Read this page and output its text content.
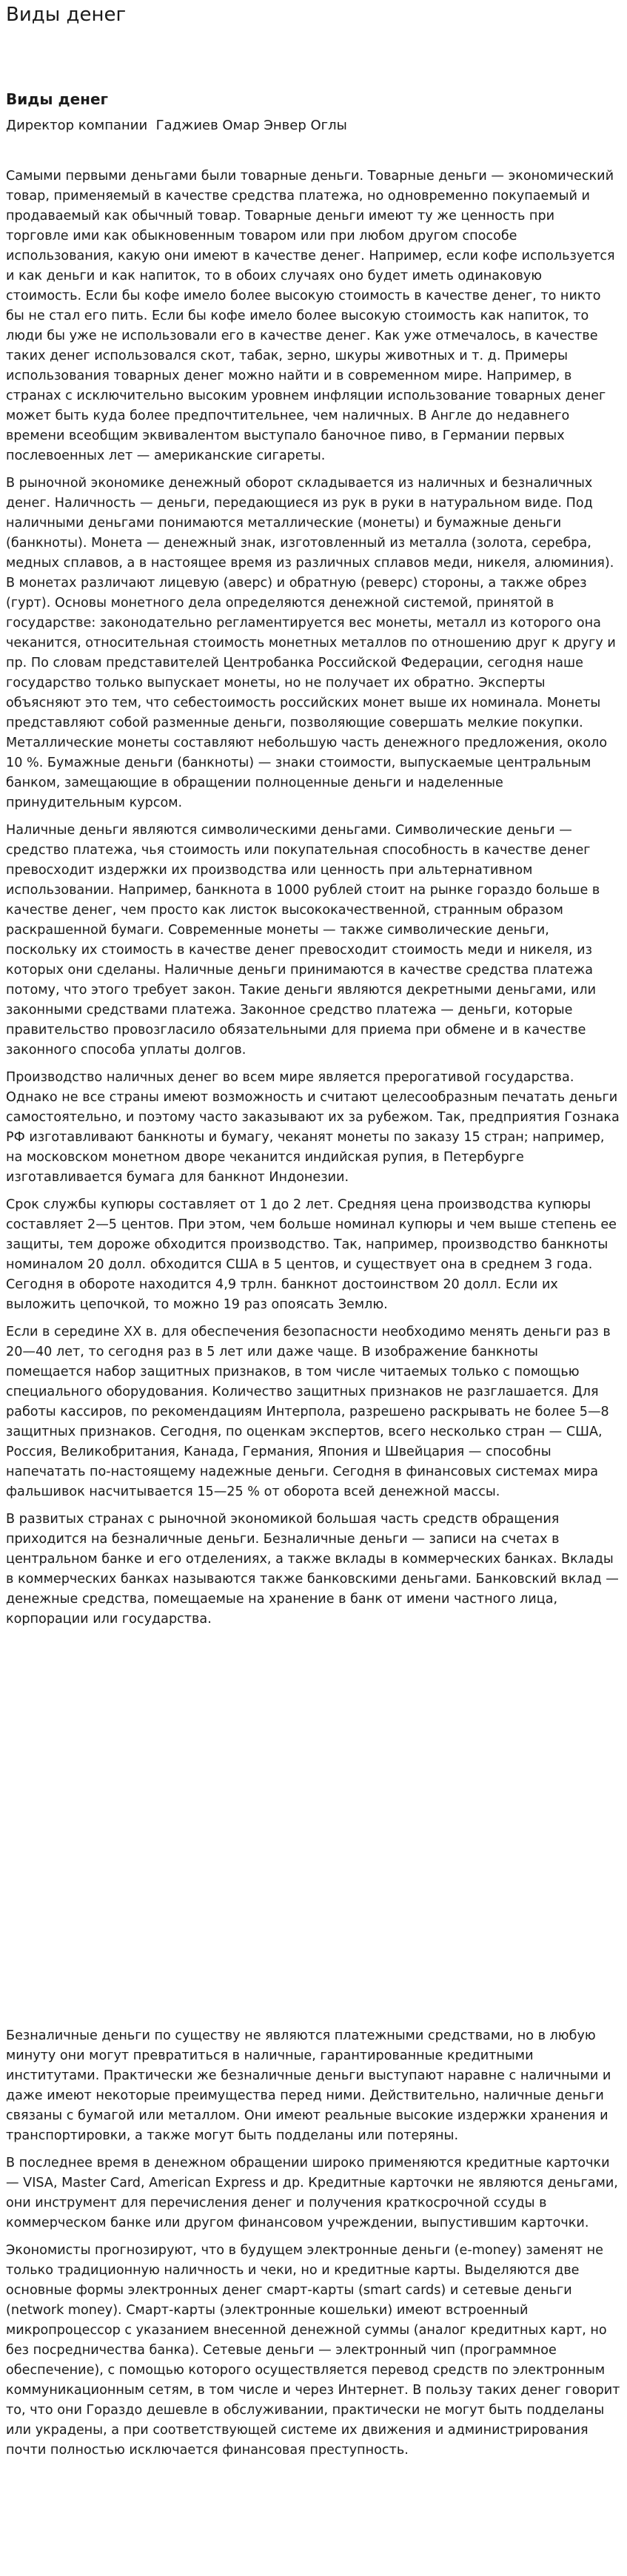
Виды денег
Виды денег

Директор компании  Гаджиев Омар Энвер Оглы

Самыми первыми деньгами были товарные деньги. Товарные деньги — экономический товар, применяемый в качестве средства платежа, но одновременно покупаемый и продаваемый как обычный товар. Товарные деньги имеют ту же ценность при торговле ими как обыкновенным товаром или при любом другом способе использования, какую они имеют в качестве денег. Например, если кофе используется и как деньги и как напиток, то в обоих случаях оно будет иметь одинаковую стоимость. Если бы кофе имело более высокую стоимость в качестве денег, то никто бы не стал его пить. Если бы кофе имело более высокую стоимость как напиток, то люди бы уже не использовали его в качестве денег. Как уже отмечалось, в качестве таких денег использовался скот, табак, зерно, шкуры животных и т. д. Примеры использования товарных денег можно найти и в современном мире. Например, в странах с исключительно высоким уровнем инфляции использование товарных денег может быть куда более предпочтительнее, чем наличных. В Англе до недавнего времени всеобщим эквивалентом выступало баночное пиво, в Германии первых послевоенных лет — американские сигареты.

В рыночной экономике денежный оборот складывается из наличных и безналичных денег. Наличность — деньги, передающиеся из рук в руки в натуральном виде. Под наличными деньгами понимаются металлические (монеты) и бумажные деньги (банкноты). Монета — денежный знак, изготовленный из металла (золота, серебра, медных сплавов, а в настоящее время из различных сплавов меди, никеля, алюминия). В монетах различают лицевую (аверс) и обратную (реверс) стороны, а также обрез (гурт). Основы монетного дела определяются денежной системой, принятой в государстве: законодательно регламентируется вес монеты, металл из которого она чеканится, относительная стоимость монетных металлов по отношению друг к другу и пр. По словам представителей Центробанка Российской Федерации, сегодня наше государство только выпускает монеты, но не получает их обратно. Эксперты объясняют это тем, что себестоимость российских монет выше их номинала. Монеты представляют собой разменные деньги, позволяющие совершать мелкие покупки. Металлические монеты составляют небольшую часть денежного предложения, около 10 %. Бумажные деньги (банкноты) — знаки стоимости, выпускаемые центральным банком, замещающие в обращении полноценные деньги и наделенные принудительным курсом.

Наличные деньги являются символическими деньгами. Символические деньги — средство платежа, чья стоимость или покупательная способность в качестве денег превосходит издержки их производства или ценность при альтернативном использовании. Например, банкнота в 1000 рублей стоит на рынке гораздо больше в качестве денег, чем просто как листок высококачественной, странным образом раскрашенной бумаги. Современные монеты — также символические деньги, поскольку их стоимость в качестве денег превосходит стоимость меди и никеля, из которых они сделаны. Наличные деньги принимаются в качестве средства платежа потому, что этого требует закон. Такие деньги являются декретными деньгами, или законными средствами платежа. Законное средство платежа — деньги, которые правительство провозгласило обязательными для приема при обмене и в качестве законного способа уплаты долгов.

Производство наличных денег во всем мире является прерогативой государства. Однако не все страны имеют возможность и считают целесообразным печатать деньги самостоятельно, и поэтому часто заказывают их за рубежом. Так, предприятия Гознака РФ изготавливают банкноты и бумагу, чеканят монеты по заказу 15 стран; например, на московском монетном дворе чеканится индийская рупия, в Петербурге изготавливается бумага для банкнот Индонезии.

Срок службы купюры составляет от 1 до 2 лет. Средняя цена производства купюры составляет 2—5 центов. При этом, чем больше номинал купюры и чем выше степень ее защиты, тем дороже обходится производство. Так, например, производство банкноты номиналом 20 долл. обходится США в 5 центов, и существует она в среднем 3 года. Сегодня в обороте находится 4,9 трлн. банкнот достоинством 20 долл. Если их выложить цепочкой, то можно 19 раз опоясать Землю.

Если в середине XX в. для обеспечения безопасности необходимо менять деньги раз в 20—40 лет, то сегодня раз в 5 лет или даже чаще. В изображение банкноты помещается набор защитных признаков, в том числе читаемых только с помощью специального оборудования. Количество защитных признаков не разглашается. Для работы кассиров, по рекомендациям Интерпола, разрешено раскрывать не более 5—8 защитных признаков. Сегодня, по оценкам экспертов, всего несколько стран — США, Россия, Великобритания, Канада, Германия, Япония и Швейцария — способны напечатать по-настоящему надежные деньги. Сегодня в финансовых системах мира фальшивок насчитывается 15—25 % от оборота всей денежной массы.

В развитых странах с рыночной экономикой большая часть средств обращения приходится на безналичные деньги. Безналичные деньги — записи на счетах в центральном банке и его отделениях, а также вклады в коммерческих банках. Вклады в коммерческих банках называются также банковскими деньгами. Банковский вклад — денежные средства, помещаемые на хранение в банк от имени частного лица, корпорации или государства.

Безналичные деньги по существу не являются платежными средствами, но в любую минуту они могут превратиться в наличные, гарантированные кредитными институтами. Практически же безналичные деньги выступают наравне с наличными и даже имеют некоторые преимущества перед ними. Действительно, наличные деньги связаны с бумагой или металлом. Они имеют реальные высокие издержки хранения и транспортировки, а также могут быть подделаны или потеряны.

В последнее время в денежном обращении широко применяются кредитные карточки — VISA, Master Card, American Express и др. Кредитные карточки не являются деньгами, они инструмент для перечисления денег и получения краткосрочной ссуды в коммерческом банке или другом финансовом учреждении, выпустившим карточки.

Экономисты прогнозируют, что в будущем электронные деньги (e-money) заменят не только традиционную наличность и чеки, но и кредитные карты. Выделяются две основные формы электронных денег смарт-карты (smart cards) и сетевые деньги (network money). Смарт-карты (электронные кошельки) имеют встроенный микропроцессор с указанием внесенной денежной суммы (аналог кредитных карт, но без посредничества банка). Сетевые деньги — электронный чип (программное обеспечение), с помощью которого осуществляется перевод средств по электронным коммуникационным сетям, в том числе и через Интернет. В пользу таких денег говорит то, что они Гораздо дешевле в обслуживании, практически не могут быть подделаны или украдены, а при соответствующей системе их движения и администрирования почти полностью исключается финансовая преступность.
